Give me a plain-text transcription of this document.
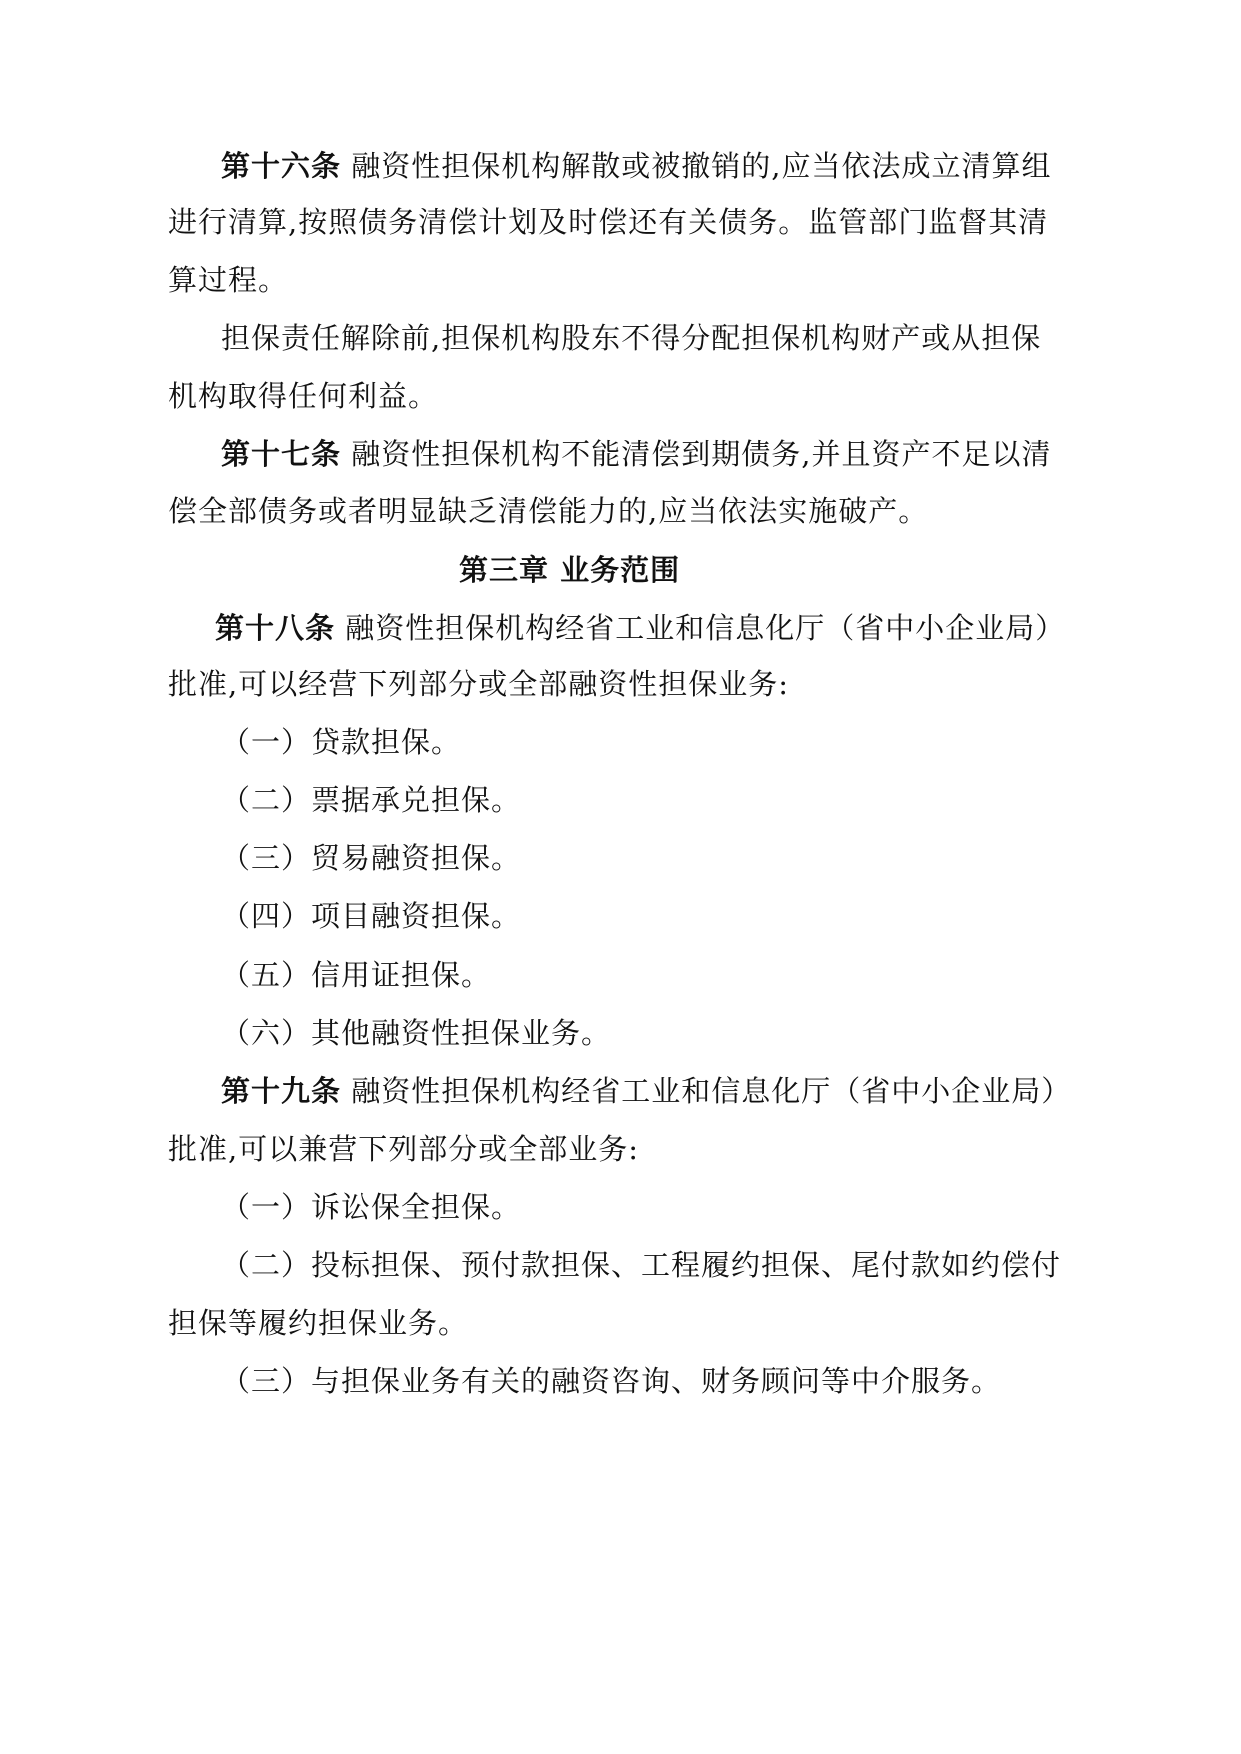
第十六条 融资性担保机构解散或被撤销的,应当依法成立清算组
进行清算,按照债务清偿计划及时偿还有关债务。监管部门监督其清
算过程。
担保责任解除前,担保机构股东不得分配担保机构财产或从担保
机构取得任何利益。
第十七条 融资性担保机构不能清偿到期债务,并且资产不足以清
偿全部债务或者明显缺乏清偿能力的,应当依法实施破产。
第三章 业务范围
第十八条 融资性担保机构经省工业和信息化厅（省中小企业局）
批准,可以经营下列部分或全部融资性担保业务:
（一）贷款担保。
（二）票据承兑担保。
（三）贸易融资担保。
（四）项目融资担保。
（五）信用证担保。
（六）其他融资性担保业务。
第十九条 融资性担保机构经省工业和信息化厅（省中小企业局）
批准,可以兼营下列部分或全部业务:
（一）诉讼保全担保。
（二）投标担保、预付款担保、工程履约担保、尾付款如约偿付
担保等履约担保业务。
（三）与担保业务有关的融资咨询、财务顾问等中介服务。
